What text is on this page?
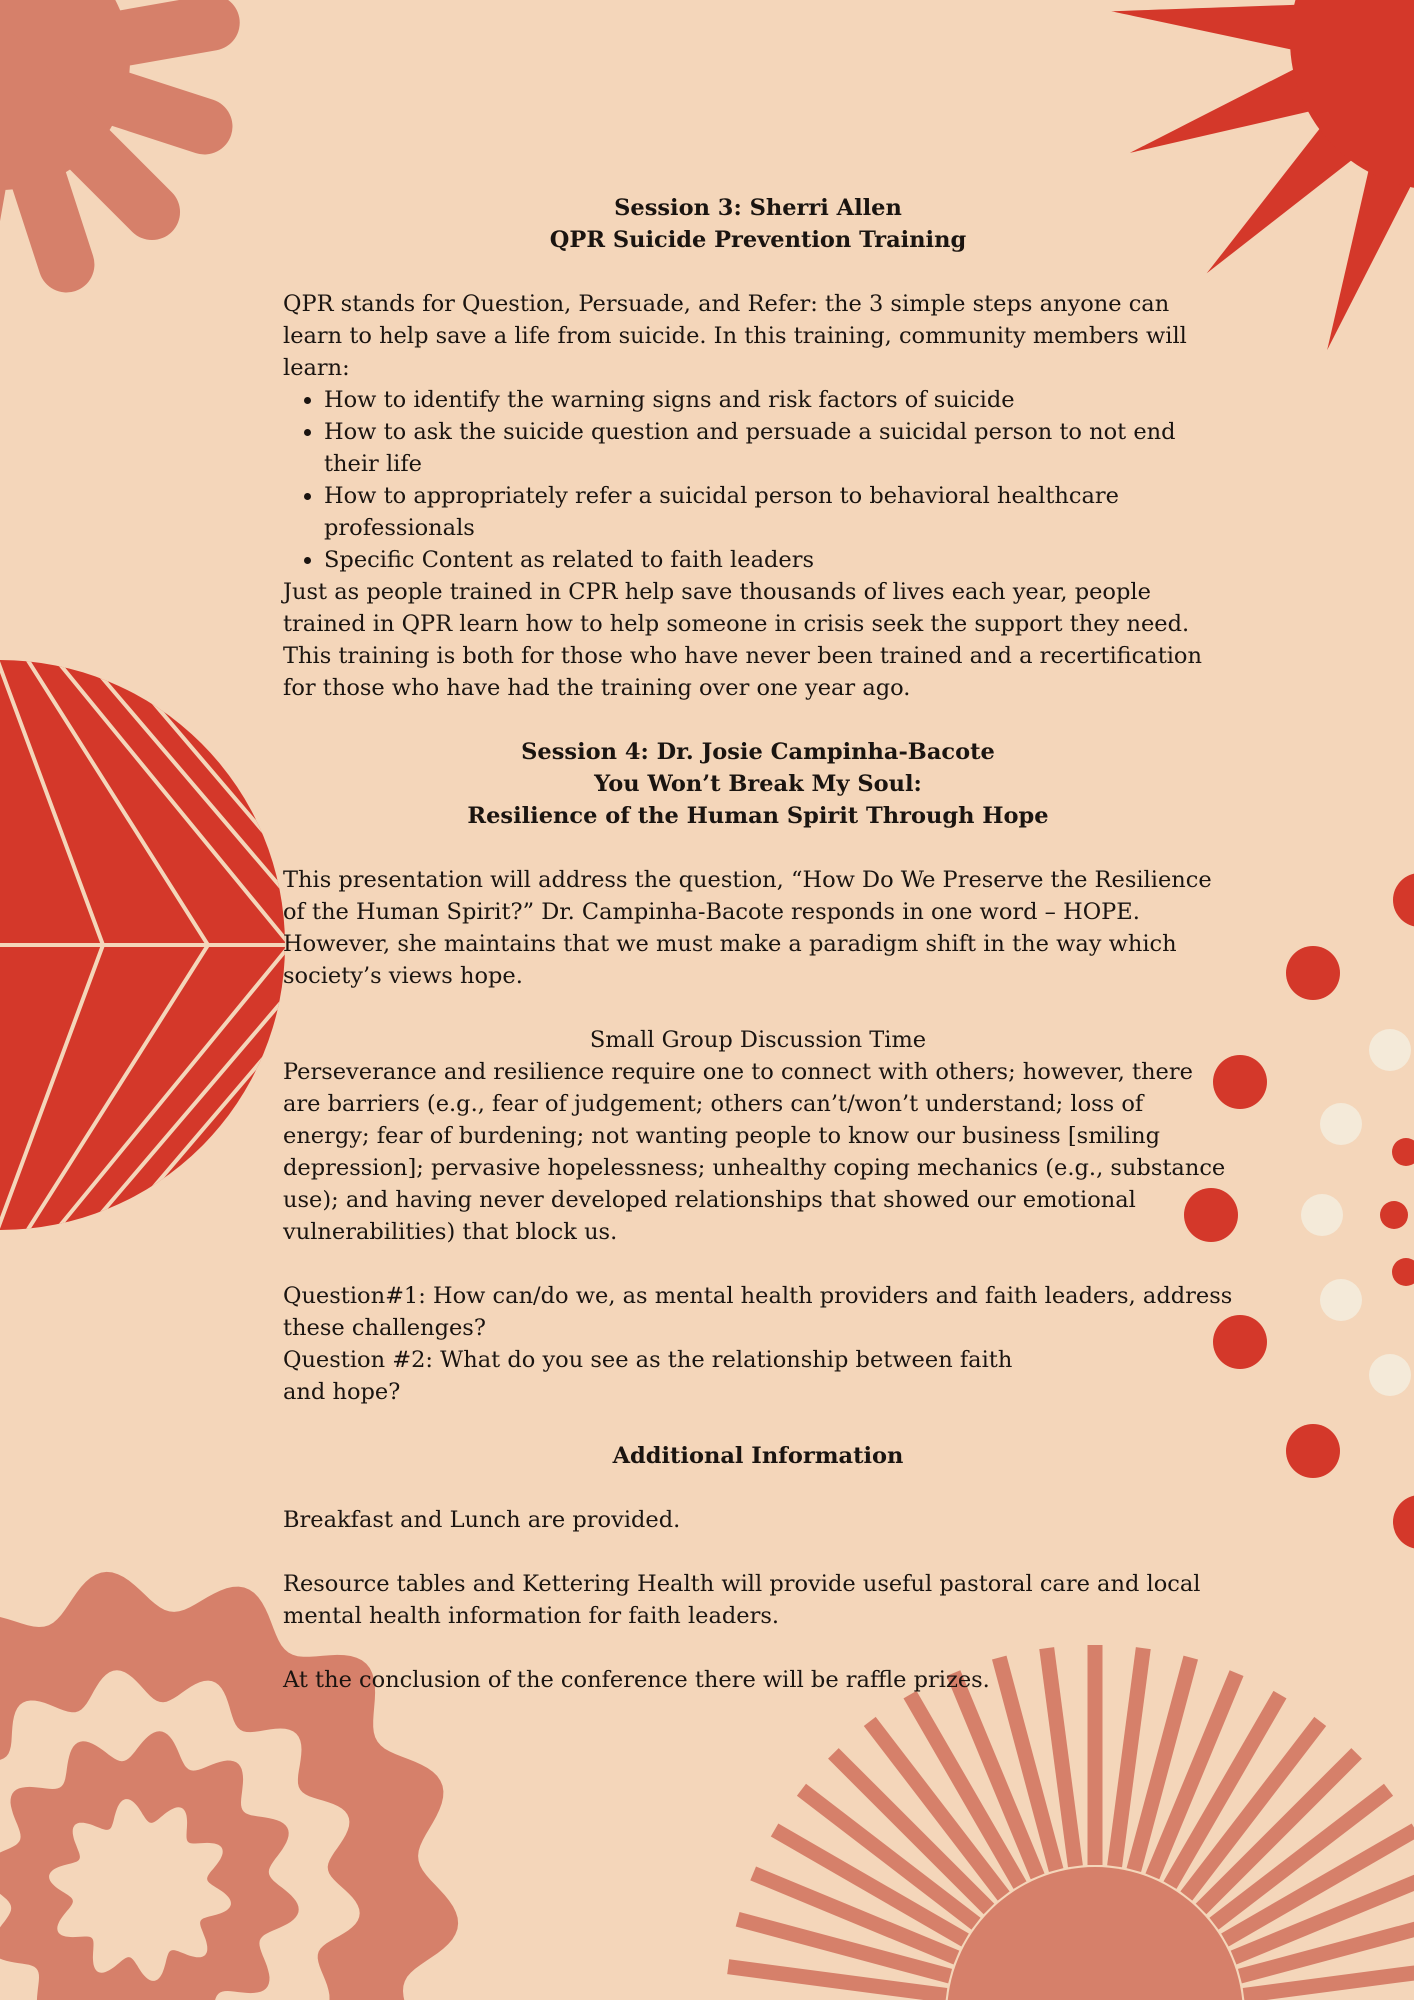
Session 3: Sherri Allen

QPR Suicide Prevention Training

QPR stands for Question, Persuade, and Refer: the 3 simple steps anyone can learn to help save a life from suicide. In this training, community members will learn:

• How to identify the warning signs and risk factors of suicide
• How to ask the suicide question and persuade a suicidal person to not end their life
• How to appropriately refer a suicidal person to behavioral healthcare professionals
• Specific Content as related to faith leaders

Just as people trained in CPR help save thousands of lives each year, people trained in QPR learn how to help someone in crisis seek the support they need. This training is both for those who have never been trained and a recertification for those who have had the training over one year ago.

Session 4: Dr. Josie Campinha-Bacote

You Won’t Break My Soul:

Resilience of the Human Spirit Through Hope

This presentation will address the question, “How Do We Preserve the Resilience of the Human Spirit?” Dr. Campinha-Bacote responds in one word – HOPE. However, she maintains that we must make a paradigm shift in the way which society’s views hope.

Small Group Discussion Time

Perseverance and resilience require one to connect with others; however, there are barriers (e.g., fear of judgement; others can’t/won’t understand; loss of energy; fear of burdening; not wanting people to know our business [smiling depression]; pervasive hopelessness; unhealthy coping mechanics (e.g., substance use); and having never developed relationships that showed our emotional vulnerabilities) that block us.

Question#1: How can/do we, as mental health providers and faith leaders, address these challenges?

Question #2: What do you see as the relationship between faith

and hope?

Additional Information

Breakfast and Lunch are provided.

Resource tables and Kettering Health will provide useful pastoral care and local mental health information for faith leaders.

At the conclusion of the conference there will be raffle prizes.
